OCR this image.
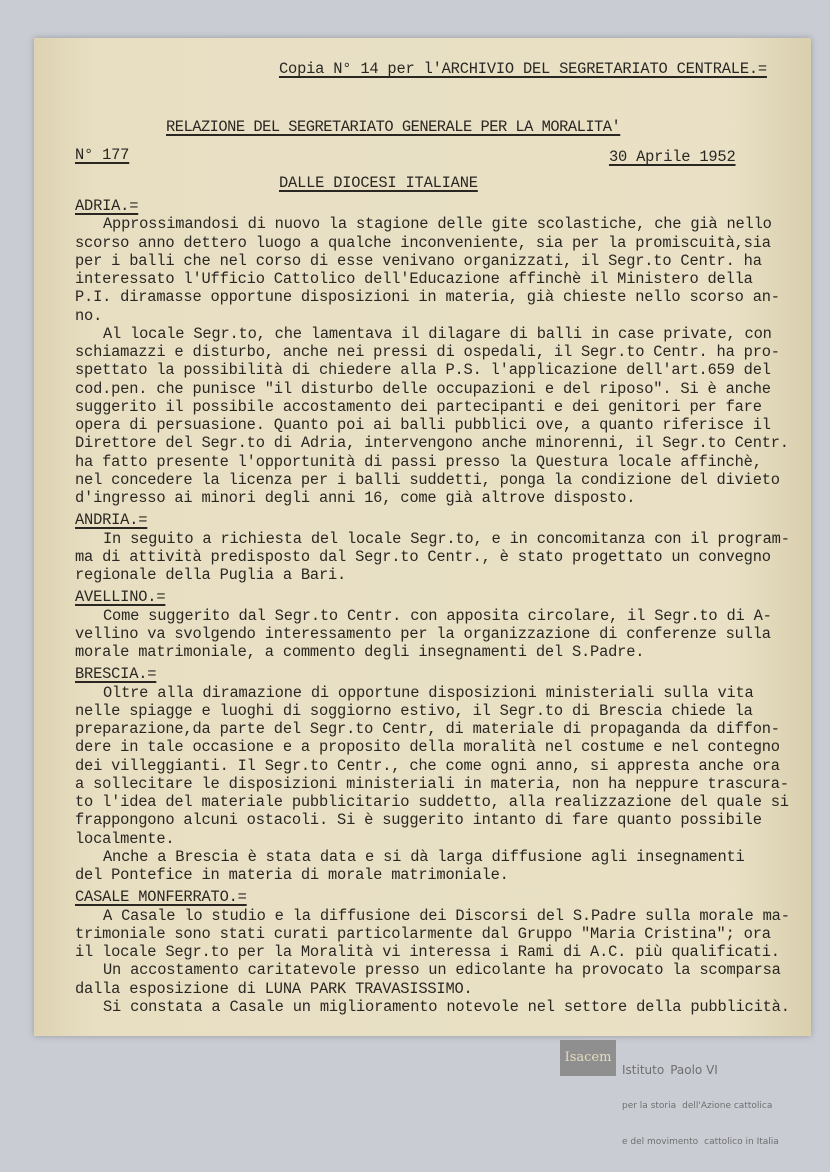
Copia N° 14 per l'ARCHIVIO DEL SEGRETARIATO CENTRALE.=
RELAZIONE DEL SEGRETARIATO GENERALE PER LA MORALITA'
N° 177	30 Aprile 1952
DALLE DIOCESI ITALIANE
ADRIA.=
Approssimandosi di nuovo la stagione delle gite scolastiche, che già nello
scorso anno dettero luogo a qualche inconveniente, sia per la promiscuità,sia
per i balli che nel corso di esse venivano organizzati, il Segr.to Centr. ha
interessato l'Ufficio Cattolico dell'Educazione affinchè il Ministero della
P.I. diramasse opportune disposizioni in materia, già chieste nello scorso an-
no.
Al locale Segr.to, che lamentava il dilagare di balli in case private, con
schiamazzi e disturbo, anche nei pressi di ospedali, il Segr.to Centr. ha pro-
spettato la possibilità di chiedere alla P.S. l'applicazione dell'art.659 del
cod.pen. che punisce "il disturbo delle occupazioni e del riposo". Si è anche
suggerito il possibile accostamento dei partecipanti e dei genitori per fare
opera di persuasione. Quanto poi ai balli pubblici ove, a quanto riferisce il
Direttore del Segr.to di Adria, intervengono anche minorenni, il Segr.to Centr.
ha fatto presente l'opportunità di passi presso la Questura locale affinchè,
nel concedere la licenza per i balli suddetti, ponga la condizione del divieto
d'ingresso ai minori degli anni 16, come già altrove disposto.
ANDRIA.=
In seguito a richiesta del locale Segr.to, e in concomitanza con il program-
ma di attività predisposto dal Segr.to Centr., è stato progettato un convegno
regionale della Puglia a Bari.
AVELLINO.=
Come suggerito dal Segr.to Centr. con apposita circolare, il Segr.to di A-
vellino va svolgendo interessamento per la organizzazione di conferenze sulla
morale matrimoniale, a commento degli insegnamenti del S.Padre.
BRESCIA.=
Oltre alla diramazione di opportune disposizioni ministeriali sulla vita
nelle spiagge e luoghi di soggiorno estivo, il Segr.to di Brescia chiede la
preparazione,da parte del Segr.to Centr, di materiale di propaganda da diffon-
dere in tale occasione e a proposito della moralità nel costume e nel contegno
dei villeggianti. Il Segr.to Centr., che come ogni anno, si appresta anche ora
a sollecitare le disposizioni ministeriali in materia, non ha neppure trascura-
to l'idea del materiale pubblicitario suddetto, alla realizzazione del quale si
frappongono alcuni ostacoli. Si è suggerito intanto di fare quanto possibile
localmente.
Anche a Brescia è stata data e si dà larga diffusione agli insegnamenti
del Pontefice in materia di morale matrimoniale.
CASALE MONFERRATO.=
A Casale lo studio e la diffusione dei Discorsi del S.Padre sulla morale ma-
trimoniale sono stati curati particolarmente dal Gruppo "Maria Cristina"; ora
il locale Segr.to per la Moralità vi interessa i Rami di A.C. più qualificati.
Un accostamento caritatevole presso un edicolante ha provocato la scomparsa
dalla esposizione di LUNA PARK TRAVASISSIMO.
Si constata a Casale un miglioramento notevole nel settore della pubblicità.
Isacem

Istituto Paolo VI

per la storia dell'Azione cattolica

e del movimento cattolico in Italia
